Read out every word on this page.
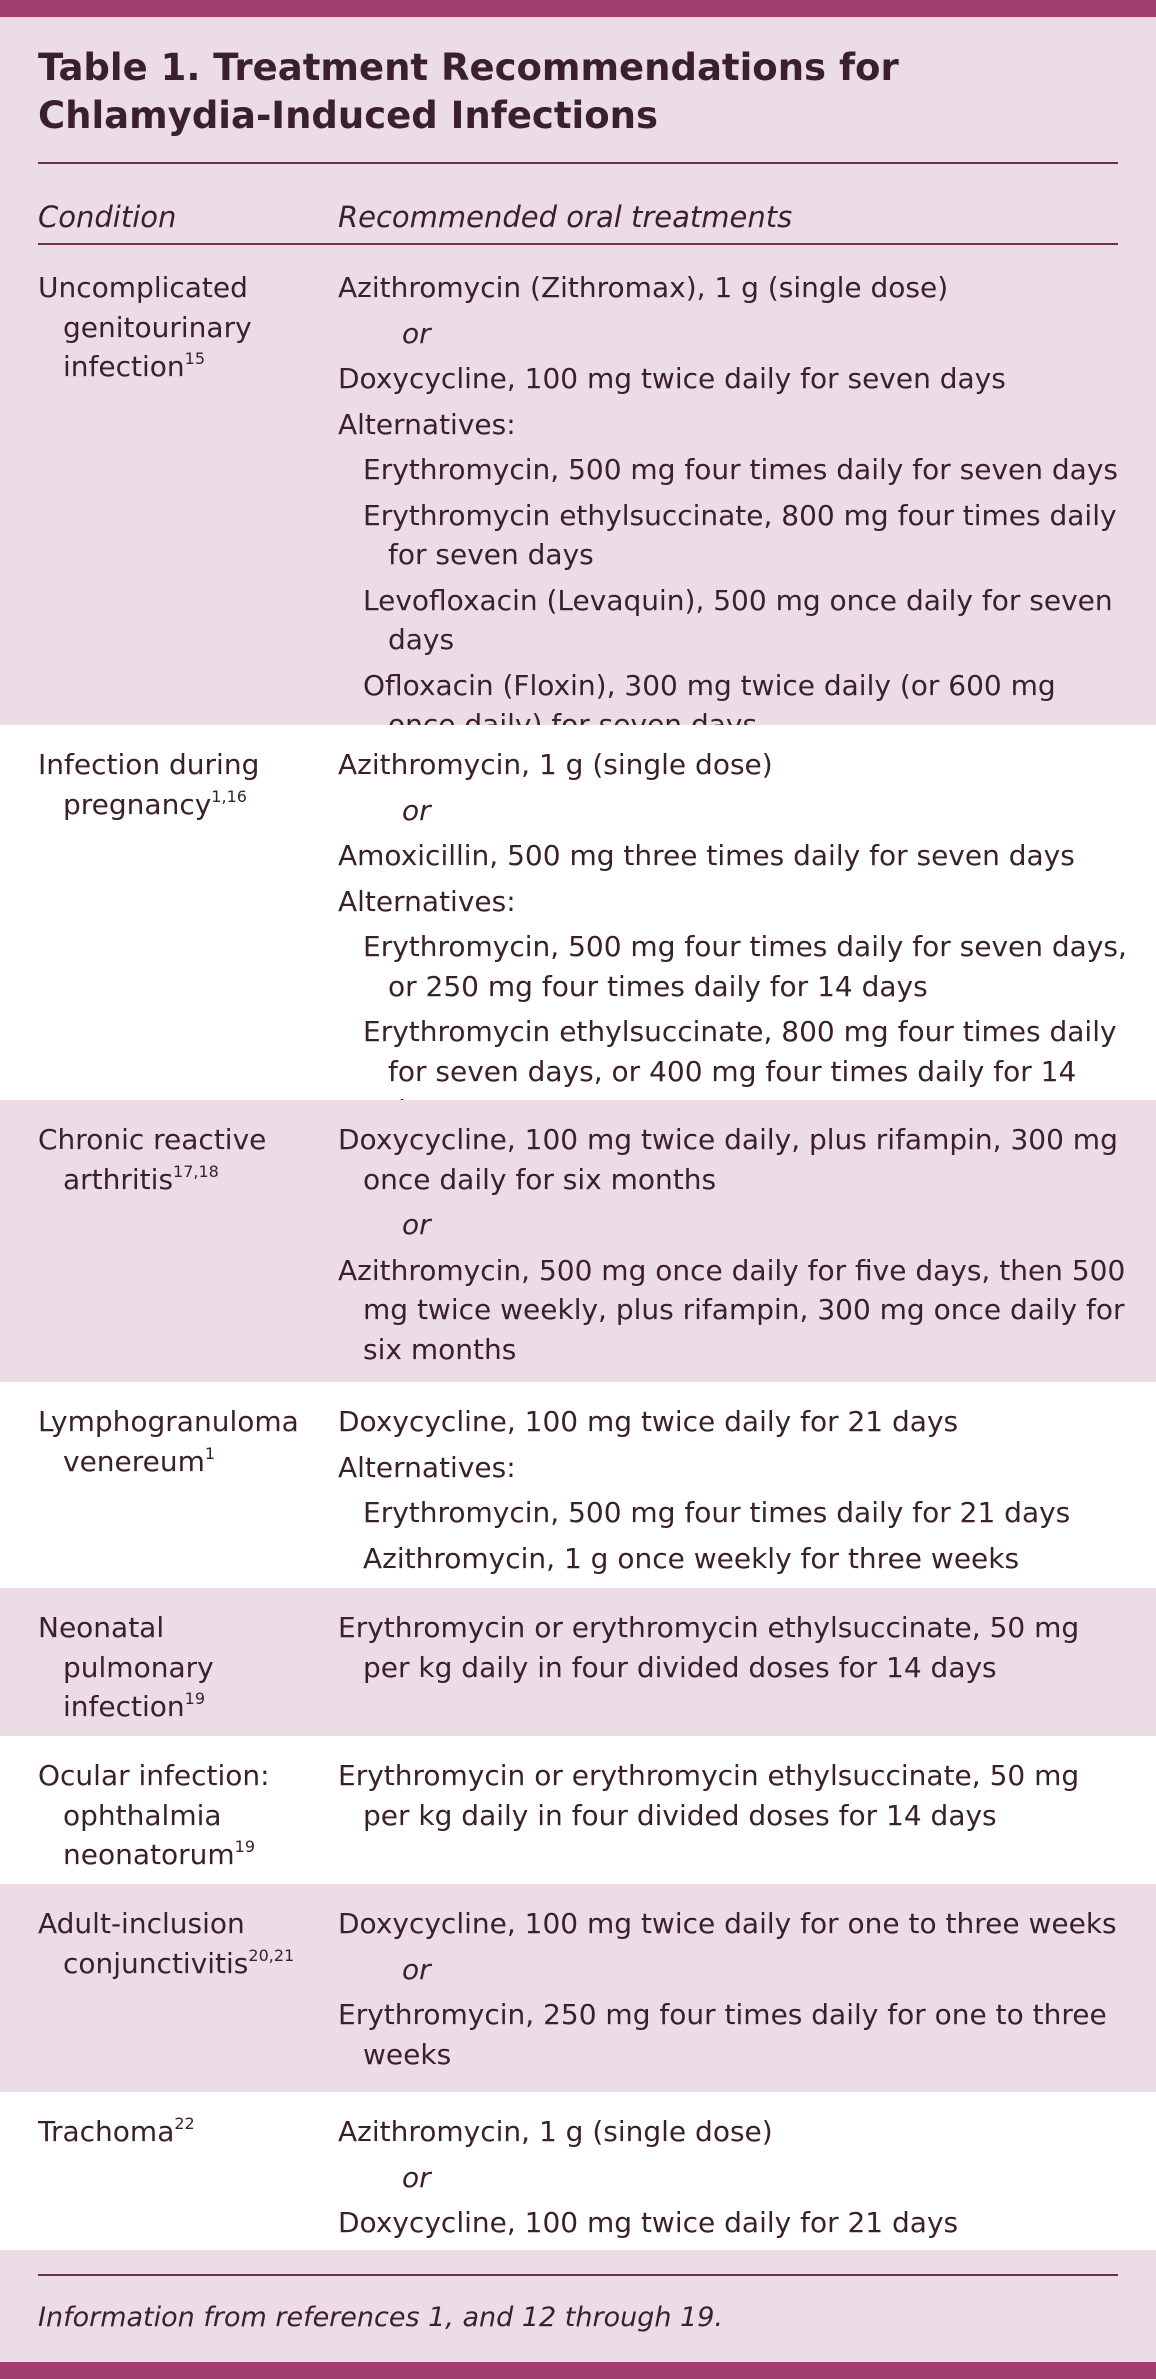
Table 1. Treatment Recommendations for Chlamydia-Induced Infections
Condition	Recommended oral treatments
Uncomplicated genitourinary infection$^{15}$
Azithromycin (Zithromax), 1 g (single dose)
or
Doxycycline, 100 mg twice daily for seven days
Alternatives:
Erythromycin, 500 mg four times daily for seven days
Erythromycin ethylsuccinate, 800 mg four times daily for seven days
Levofloxacin (Levaquin), 500 mg once daily for seven days
Ofloxacin (Floxin), 300 mg twice daily (or 600 mg
Infection during pregnancy$^{1,16}$
Azithromycin, 1 g (single dose)
or
Amoxicillin, 500 mg three times daily for seven days
Alternatives:
Erythromycin, 500 mg four times daily for seven days, or 250 mg four times daily for 14 days
Erythromycin ethylsuccinate, 800 mg four times daily for seven days, or 400 mg four times daily for 14
Chronic reactive arthritis$^{17,18}$
Doxycycline, 100 mg twice daily, plus rifampin, 300 mg once daily for six months
or
Azithromycin, 500 mg once daily for five days, then 500 mg twice weekly, plus rifampin, 300 mg once daily for six months
Lymphogranuloma venereum$^1$
Doxycycline, 100 mg twice daily for 21 days
Alternatives:
Erythromycin, 500 mg four times daily for 21 days
Azithromycin, 1 g once weekly for three weeks
Neonatal pulmonary infection$^{19}$
Erythromycin or erythromycin ethylsuccinate, 50 mg per kg daily in four divided doses for 14 days
Ocular infection: ophthalmia neonatorum$^{19}$
Erythromycin or erythromycin ethylsuccinate, 50 mg per kg daily in four divided doses for 14 days
Adult-inclusion conjunctivitis$^{20,21}$
Doxycycline, 100 mg twice daily for one to three weeks
or
Erythromycin, 250 mg four times daily for one to three weeks
Trachoma$^{22}$	Azithromycin, 1 g (single dose)
or
Doxycycline, 100 mg twice daily for 21 days
Information from references 1, and 12 through 19.
